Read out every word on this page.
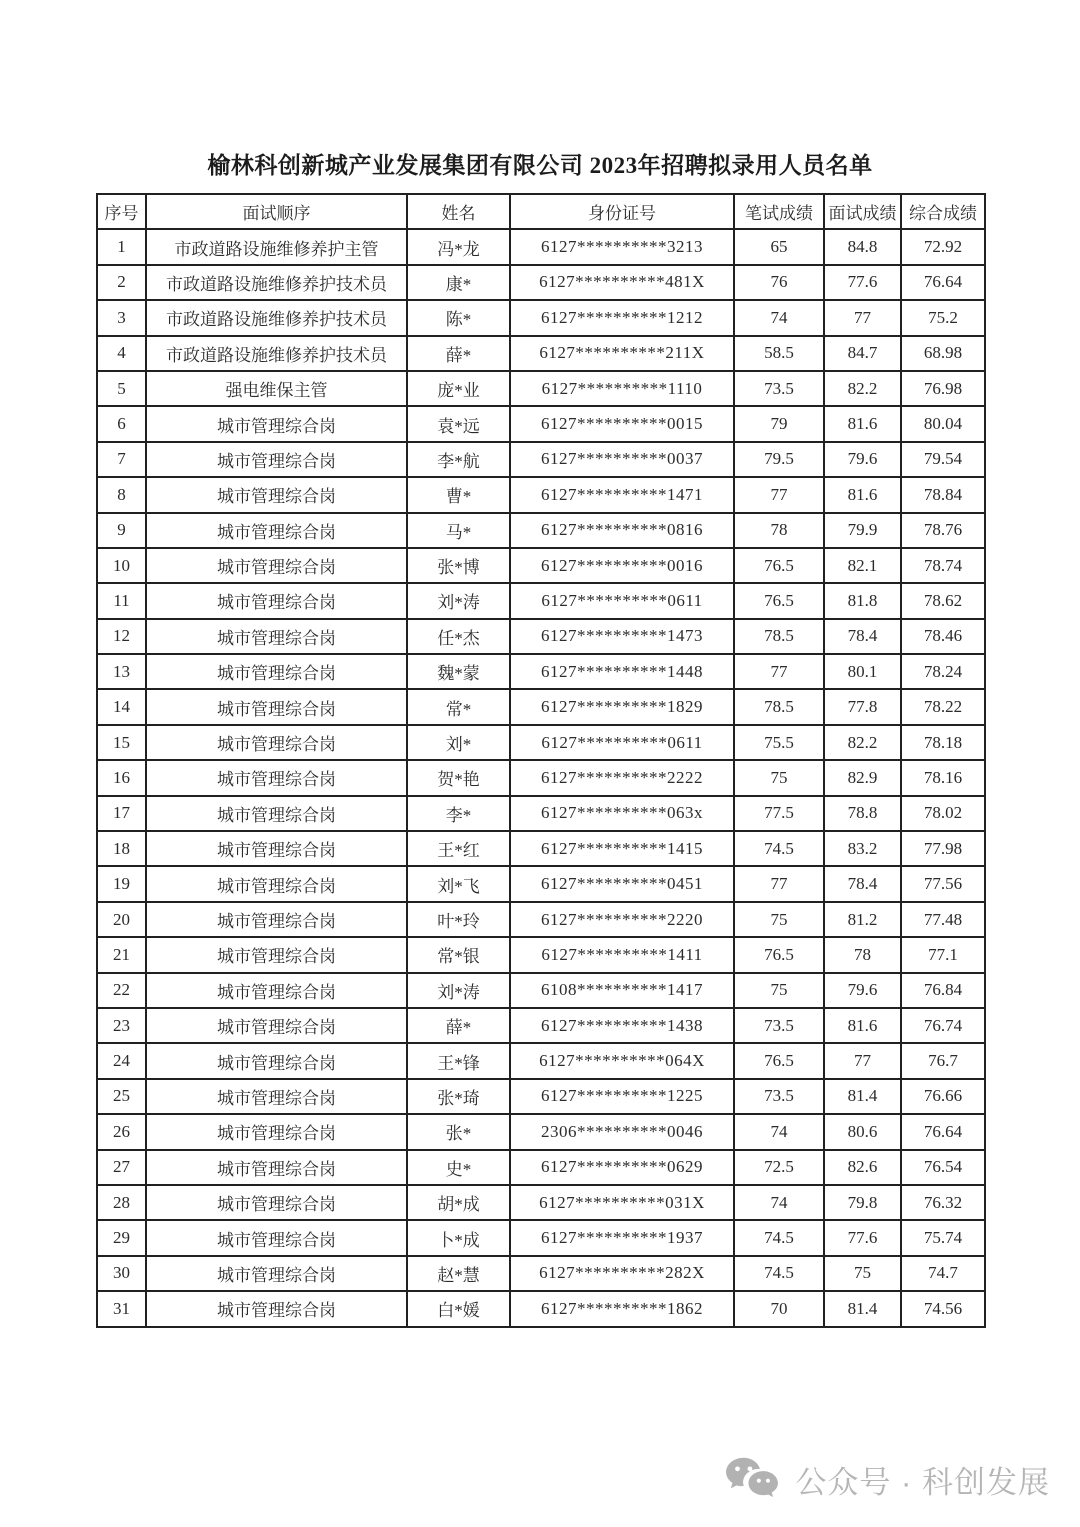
榆林科创新城产业发展集团有限公司 2023年招聘拟录用人员名单
序号	面试顺序	姓名	身份证号	笔试成绩	面试成绩	综合成绩
1	市政道路设施维修养护主管	冯*龙	6127**********3213	65	84.8	72.92
2	市政道路设施维修养护技术员	康*	6127**********481X	76	77.6	76.64
3	市政道路设施维修养护技术员	陈*	6127**********1212	74	77	75.2
4	市政道路设施维修养护技术员	薛*	6127**********211X	58.5	84.7	68.98
5	强电维保主管	庞*业	6127**********1110	73.5	82.2	76.98
6	城市管理综合岗	袁*远	6127**********0015	79	81.6	80.04
7	城市管理综合岗	李*航	6127**********0037	79.5	79.6	79.54
8	城市管理综合岗	曹*	6127**********1471	77	81.6	78.84
9	城市管理综合岗	马*	6127**********0816	78	79.9	78.76
10	城市管理综合岗	张*博	6127**********0016	76.5	82.1	78.74
11	城市管理综合岗	刘*涛	6127**********0611	76.5	81.8	78.62
12	城市管理综合岗	任*杰	6127**********1473	78.5	78.4	78.46
13	城市管理综合岗	魏*蒙	6127**********1448	77	80.1	78.24
14	城市管理综合岗	常*	6127**********1829	78.5	77.8	78.22
15	城市管理综合岗	刘*	6127**********0611	75.5	82.2	78.18
16	城市管理综合岗	贺*艳	6127**********2222	75	82.9	78.16
17	城市管理综合岗	李*	6127**********063x	77.5	78.8	78.02
18	城市管理综合岗	王*红	6127**********1415	74.5	83.2	77.98
19	城市管理综合岗	刘*飞	6127**********0451	77	78.4	77.56
20	城市管理综合岗	叶*玲	6127**********2220	75	81.2	77.48
21	城市管理综合岗	常*银	6127**********1411	76.5	78	77.1
22	城市管理综合岗	刘*涛	6108**********1417	75	79.6	76.84
23	城市管理综合岗	薛*	6127**********1438	73.5	81.6	76.74
24	城市管理综合岗	王*锋	6127**********064X	76.5	77	76.7
25	城市管理综合岗	张*琦	6127**********1225	73.5	81.4	76.66
26	城市管理综合岗	张*	2306**********0046	74	80.6	76.64
27	城市管理综合岗	史*	6127**********0629	72.5	82.6	76.54
28	城市管理综合岗	胡*成	6127**********031X	74	79.8	76.32
29	城市管理综合岗	卜*成	6127**********1937	74.5	77.6	75.74
30	城市管理综合岗	赵*慧	6127**********282X	74.5	75	74.7
31	城市管理综合岗	白*媛	6127**********1862	70	81.4	74.56
公众号 · 科创发展
